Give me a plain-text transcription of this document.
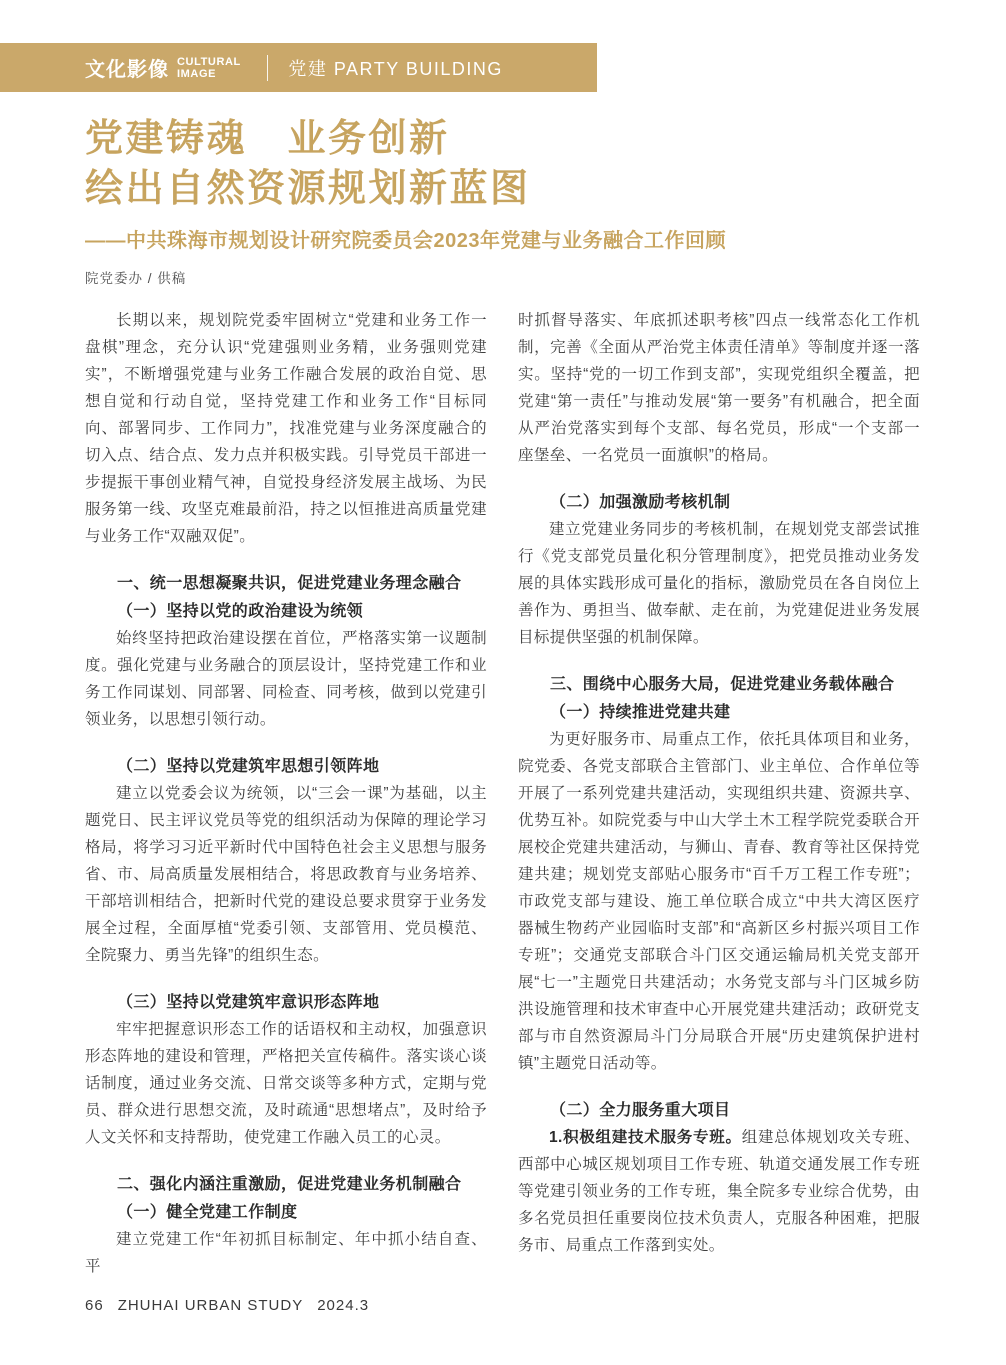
文化影像 CULTURAL
IMAGE	党建 PARTY BUILDING
党建铸魂　业务创新
绘出自然资源规划新蓝图
——中共珠海市规划设计研究院委员会2023年党建与业务融合工作回顾
院党委办 / 供稿

长期以来，规划院党委牢固树立“党建和业务工作一盘棋”理念，充分认识“党建强则业务精，业务强则党建实”，不断增强党建与业务工作融合发展的政治自觉、思想自觉和行动自觉，坚持党建工作和业务工作“目标同向、部署同步、工作同力”，找准党建与业务深度融合的切入点、结合点、发力点并积极实践。引导党员干部进一步提振干事创业精气神，自觉投身经济发展主战场、为民服务第一线、攻坚克难最前沿，持之以恒推进高质量党建与业务工作“双融双促”。

一、统一思想凝聚共识，促进党建业务理念融合
（一）坚持以党的政治建设为统领

始终坚持把政治建设摆在首位，严格落实第一议题制度。强化党建与业务融合的顶层设计，坚持党建工作和业务工作同谋划、同部署、同检查、同考核，做到以党建引领业务，以思想引领行动。

（二）坚持以党建筑牢思想引领阵地

建立以党委会议为统领，以“三会一课”为基础，以主题党日、民主评议党员等党的组织活动为保障的理论学习格局，将学习习近平新时代中国特色社会主义思想与服务省、市、局高质量发展相结合，将思政教育与业务培养、干部培训相结合，把新时代党的建设总要求贯穿于业务发展全过程，全面厚植“党委引领、支部管用、党员模范、全院聚力、勇当先锋”的组织生态。

（三）坚持以党建筑牢意识形态阵地

牢牢把握意识形态工作的话语权和主动权，加强意识形态阵地的建设和管理，严格把关宣传稿件。落实谈心谈话制度，通过业务交流、日常交谈等多种方式，定期与党员、群众进行思想交流，及时疏通“思想堵点”，及时给予人文关怀和支持帮助，使党建工作融入员工的心灵。

二、强化内涵注重激励，促进党建业务机制融合
（一）健全党建工作制度

建立党建工作“年初抓目标制定、年中抓小结自查、平

时抓督导落实、年底抓述职考核”四点一线常态化工作机制，完善《全面从严治党主体责任清单》等制度并逐一落实。坚持“党的一切工作到支部”，实现党组织全覆盖，把党建“第一责任”与推动发展“第一要务”有机融合，把全面从严治党落实到每个支部、每名党员，形成“一个支部一座堡垒、一名党员一面旗帜”的格局。

（二）加强激励考核机制

建立党建业务同步的考核机制，在规划党支部尝试推行《党支部党员量化积分管理制度》，把党员推动业务发展的具体实践形成可量化的指标，激励党员在各自岗位上善作为、勇担当、做奉献、走在前，为党建促进业务发展目标提供坚强的机制保障。

三、围绕中心服务大局，促进党建业务载体融合
（一）持续推进党建共建

为更好服务市、局重点工作，依托具体项目和业务，院党委、各党支部联合主管部门、业主单位、合作单位等开展了一系列党建共建活动，实现组织共建、资源共享、优势互补。如院党委与中山大学土木工程学院党委联合开展校企党建共建活动，与狮山、青春、教育等社区保持党建共建；规划党支部贴心服务市“百千万工程工作专班”；市政党支部与建设、施工单位联合成立“中共大湾区医疗器械生物药产业园临时支部”和“高新区乡村振兴项目工作专班”；交通党支部联合斗门区交通运输局机关党支部开展“七一”主题党日共建活动；水务党支部与斗门区城乡防洪设施管理和技术审查中心开展党建共建活动；政研党支部与市自然资源局斗门分局联合开展“历史建筑保护进村镇”主题党日活动等。

（二）全力服务重大项目

1.积极组建技术服务专班。组建总体规划攻关专班、西部中心城区规划项目工作专班、轨道交通发展工作专班等党建引领业务的工作专班，集全院多专业综合优势，由多名党员担任重要岗位技术负责人，克服各种困难，把服务市、局重点工作落到实处。

66 ZHUHAI URBAN STUDY 2024.3
